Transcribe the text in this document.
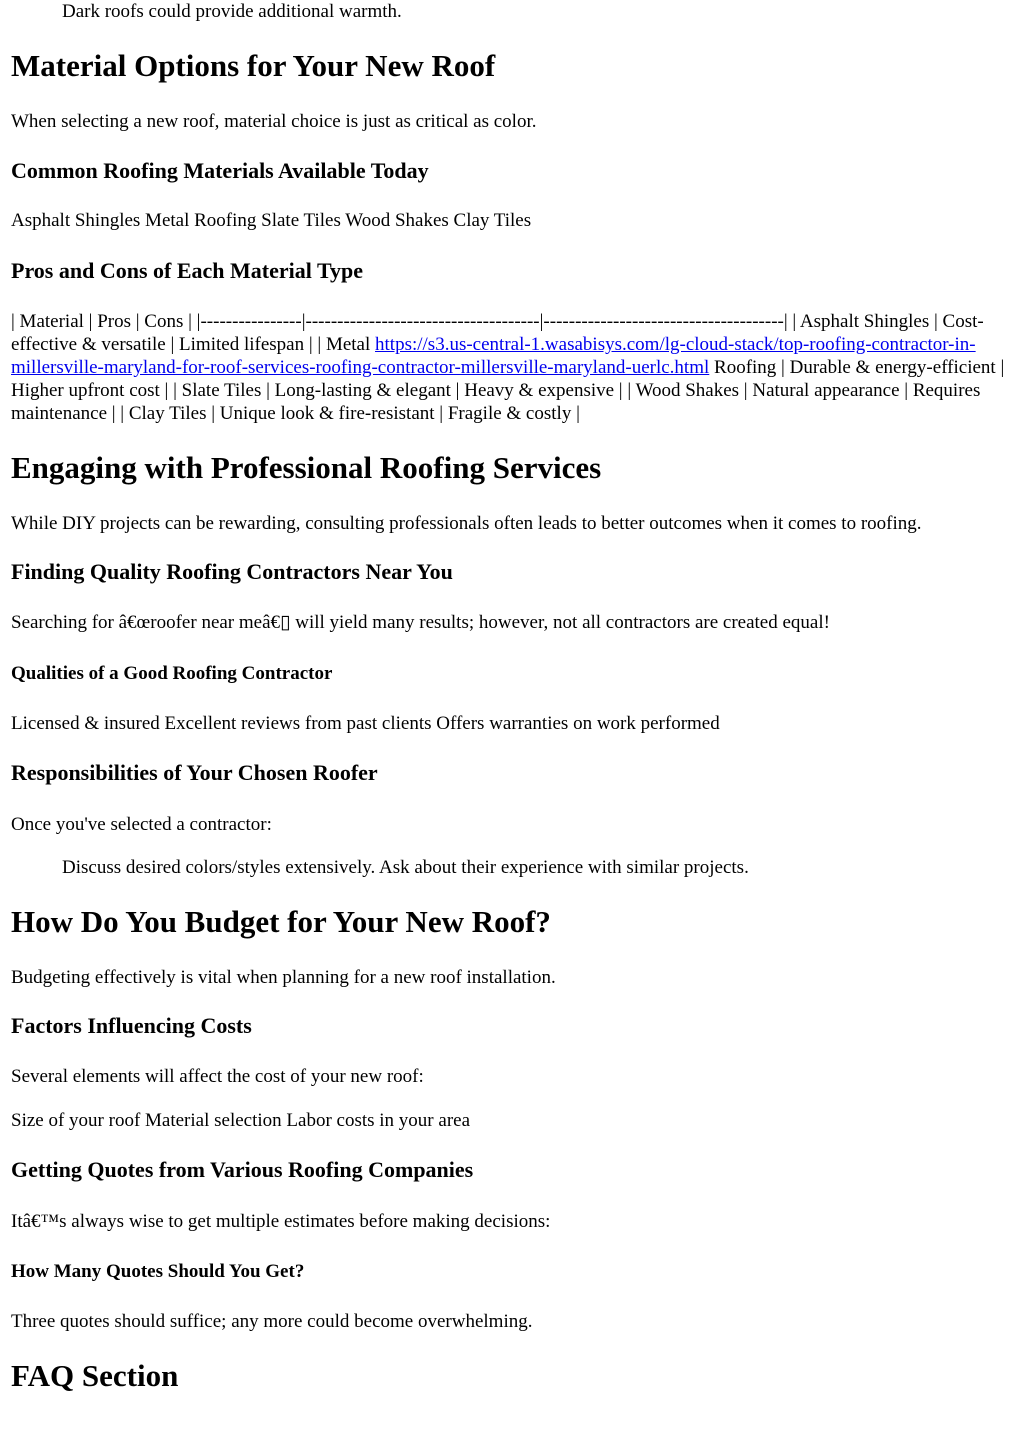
Dark roofs could provide additional warmth.

Material Options for Your New Roof

When selecting a new roof, material choice is just as critical as color.

Common Roofing Materials Available Today

Asphalt Shingles Metal Roofing Slate Tiles Wood Shakes Clay Tiles

Pros and Cons of Each Material Type

| Material | Pros | Cons | |----------------|-------------------------------------|--------------------------------------| | Asphalt Shingles | Cost-effective & versatile | Limited lifespan | | Metal https://s3.us-central-1.wasabisys.com/lg-cloud-stack/top-roofing-contractor-in-millersville-maryland-for-roof-services-roofing-contractor-millersville-maryland-uerlc.html Roofing | Durable & energy-efficient | Higher upfront cost | | Slate Tiles | Long-lasting & elegant | Heavy & expensive | | Wood Shakes | Natural appearance | Requires maintenance | | Clay Tiles | Unique look & fire-resistant | Fragile & costly |

Engaging with Professional Roofing Services

While DIY projects can be rewarding, consulting professionals often leads to better outcomes when it comes to roofing.

Finding Quality Roofing Contractors Near You

Searching for â€œroofer near meâ€▯ will yield many results; however, not all contractors are created equal!

Qualities of a Good Roofing Contractor

Licensed & insured Excellent reviews from past clients Offers warranties on work performed

Responsibilities of Your Chosen Roofer

Once you've selected a contractor:

Discuss desired colors/styles extensively. Ask about their experience with similar projects.

How Do You Budget for Your New Roof?

Budgeting effectively is vital when planning for a new roof installation.

Factors Influencing Costs

Several elements will affect the cost of your new roof:

Size of your roof Material selection Labor costs in your area

Getting Quotes from Various Roofing Companies

Itâ€™s always wise to get multiple estimates before making decisions:

How Many Quotes Should You Get?

Three quotes should suffice; any more could become overwhelming.

FAQ Section
